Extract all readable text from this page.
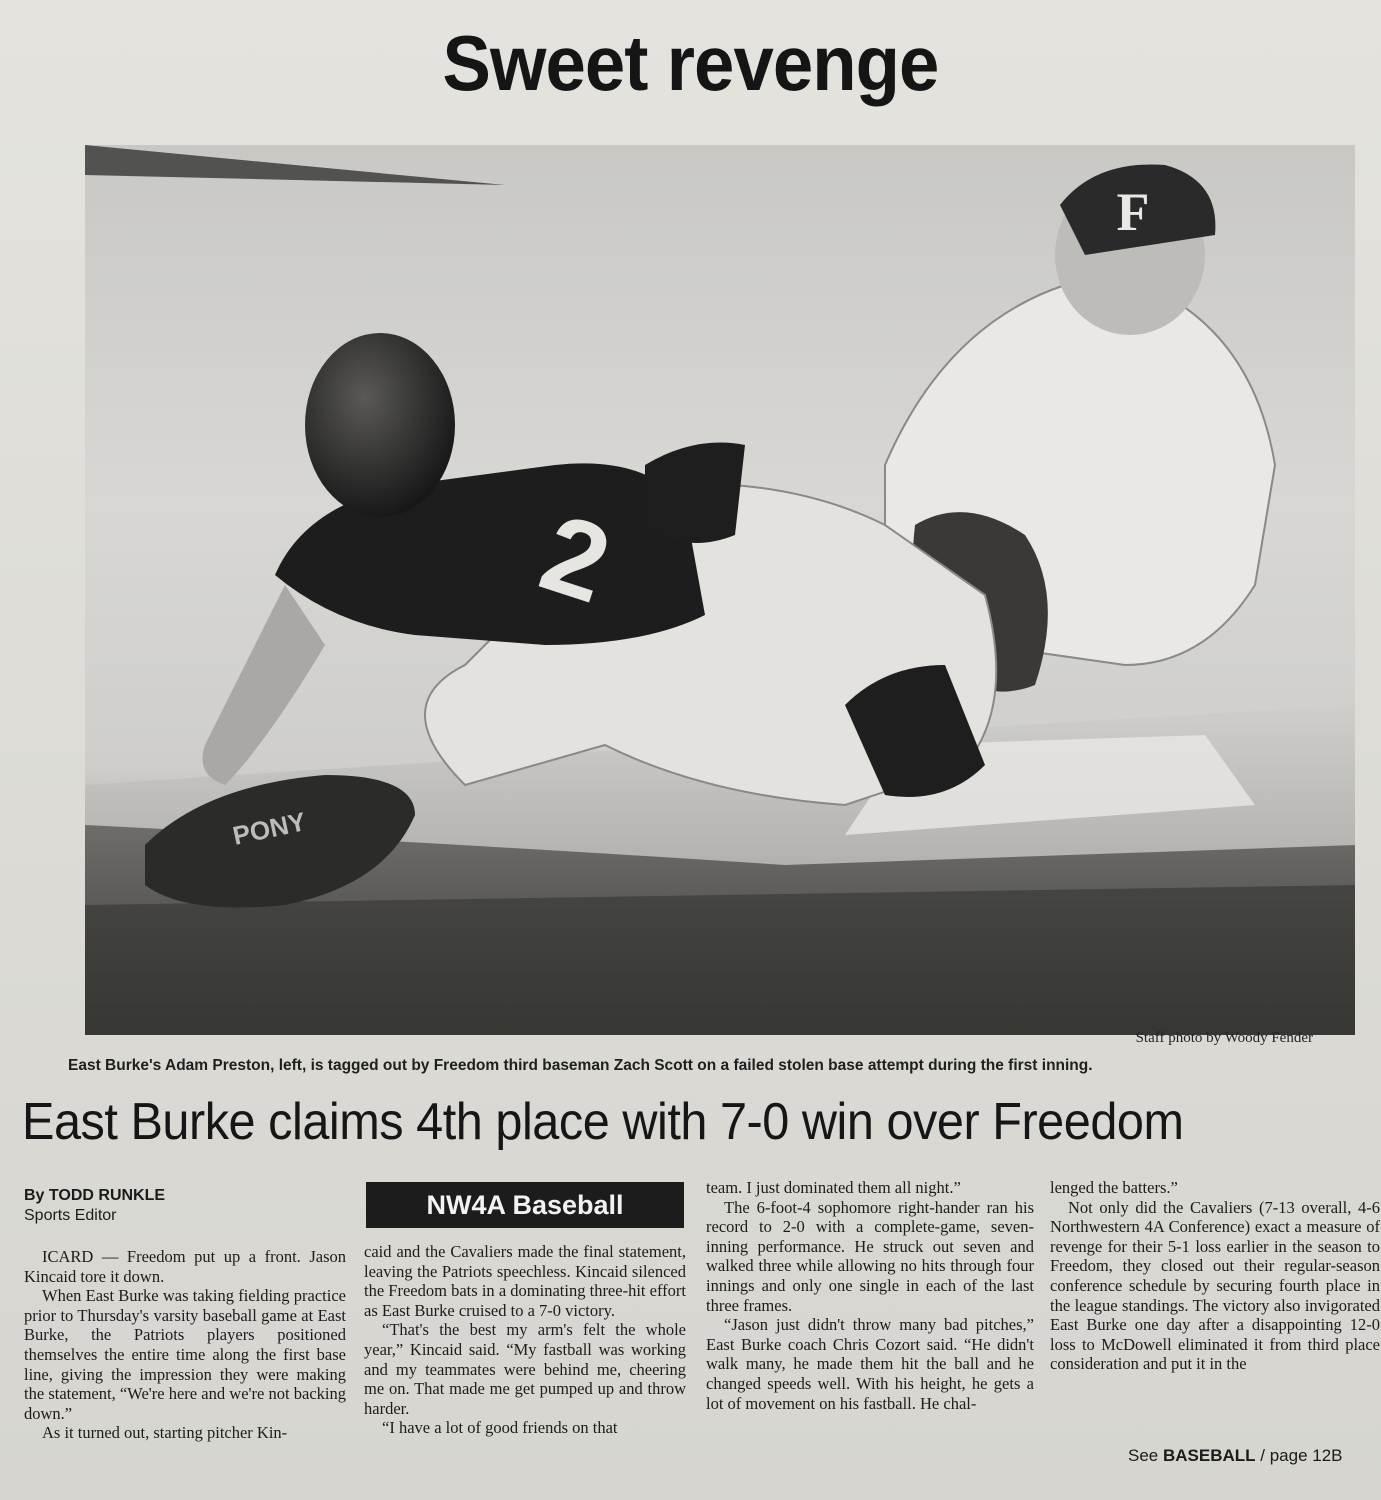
Sweet revenge
F
PONY
2
Staff photo by Woody Fender
East Burke's Adam Preston, left, is tagged out by Freedom third baseman Zach Scott on a failed stolen base attempt during the first inning.
East Burke claims 4th place with 7-0 win over Freedom
By TODD RUNKLE
Sports Editor	NW4A Baseball

ICARD — Freedom put up a front. Jason Kincaid tore it down.

When East Burke was taking fielding practice prior to Thursday's varsity baseball game at East Burke, the Patriots players positioned themselves the entire time along the first base line, giving the impression they were making the statement, “We're here and we're not backing down.”

As it turned out, starting pitcher Kin-

caid and the Cavaliers made the final statement, leaving the Patriots speechless. Kincaid silenced the Freedom bats in a dominating three-hit effort as East Burke cruised to a 7-0 victory.

“That's the best my arm's felt the whole year,” Kincaid said. “My fastball was working and my teammates were behind me, cheering me on. That made me get pumped up and throw harder.

“I have a lot of good friends on that

team. I just dominated them all night.”

The 6-foot-4 sophomore right-hander ran his record to 2-0 with a complete-game, seven-inning performance. He struck out seven and walked three while allowing no hits through four innings and only one single in each of the last three frames.

“Jason just didn't throw many bad pitches,” East Burke coach Chris Cozort said. “He didn't walk many, he made them hit the ball and he changed speeds well. With his height, he gets a lot of movement on his fastball. He chal-

lenged the batters.”

Not only did the Cavaliers (7-13 overall, 4-6 Northwestern 4A Conference) exact a measure of revenge for their 5-1 loss earlier in the season to Freedom, they closed out their regular-season conference schedule by securing fourth place in the league standings. The victory also invigorated East Burke one day after a disappointing 12-0 loss to McDowell eliminated it from third place consideration and put it in the

See BASEBALL / page 12B
